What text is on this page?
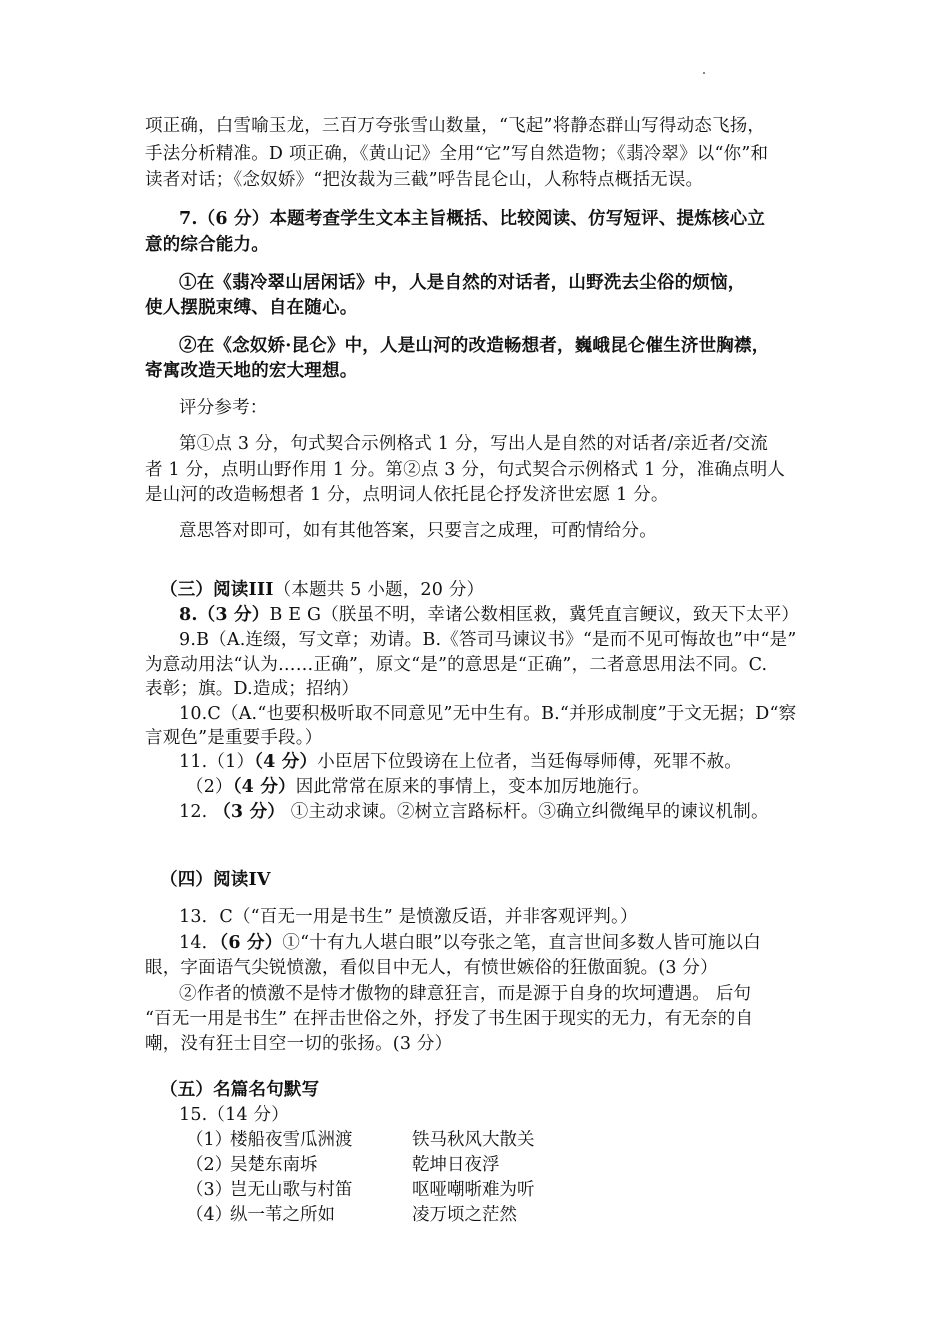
项正确，白雪喻玉龙，三百万夸张雪山数量，“飞起”将静态群山写得动态飞扬，
手法分析精准。D 项正确，《黄山记》全用“它”写自然造物；《翡冷翠》以“你”和
读者对话；《念奴娇》“把汝裁为三截”呼告昆仑山，人称特点概括无误。
7.（6 分）本题考查学生文本主旨概括、比较阅读、仿写短评、提炼核心立
意的综合能力。
①在《翡冷翠山居闲话》中，人是自然的对话者，山野洗去尘俗的烦恼，
使人摆脱束缚、自在随心。
②在《念奴娇·昆仑》中，人是山河的改造畅想者，巍峨昆仑催生济世胸襟，
寄寓改造天地的宏大理想。
评分参考：
第①点 3 分，句式契合示例格式 1 分，写出人是自然的对话者/亲近者/交流
者 1 分，点明山野作用 1 分。第②点 3 分，句式契合示例格式 1 分，准确点明人
是山河的改造畅想者 1 分，点明词人依托昆仑抒发济世宏愿 1 分。
意思答对即可，如有其他答案，只要言之成理，可酌情给分。
（三）阅读III（本题共 5 小题，20 分）
8.（3 分）B E G（朕虽不明，幸诸公数相匡救，冀凭直言鲠议，致天下太平）
9.B（A.连缀，写文章；劝请。B.《答司马谏议书》“是而不见可悔故也”中“是”
为意动用法“认为……正确”，原文“是”的意思是“正确”，二者意思用法不同。C.
表彰；旗。D.造成；招纳）
10.C（A.“也要积极听取不同意见”无中生有。B.“并形成制度”于文无据；D“察
言观色”是重要手段。）
11.（1）（4 分）小臣居下位毁谤在上位者，当廷侮辱师傅，死罪不赦。
（2）（4 分）因此常常在原来的事情上，变本加厉地施行。
12. （3 分） ①主动求谏。②树立言路标杆。③确立纠微绳早的谏议机制。
（四）阅读IV
13．C（“百无一用是书生” 是愤激反语，并非客观评判。）
14．（6 分）①“十有九人堪白眼”以夸张之笔，直言世间多数人皆可施以白
眼，字面语气尖锐愤激，看似目中无人，有愤世嫉俗的狂傲面貌。(3 分）
②作者的愤激不是恃才傲物的肆意狂言，而是源于自身的坎坷遭遇。 后句
“百无一用是书生” 在抨击世俗之外，抒发了书生困于现实的无力，有无奈的自
嘲，没有狂士目空一切的张扬。(3 分）
（五）名篇名句默写
15.（14 分）
（1）
楼船夜雪瓜洲渡	铁马秋风大散关
（2）
吴楚东南坼	乾坤日夜浮
（3）
岂无山歌与村笛	呕哑嘲哳难为听
（4）
纵一苇之所如	凌万顷之茫然
